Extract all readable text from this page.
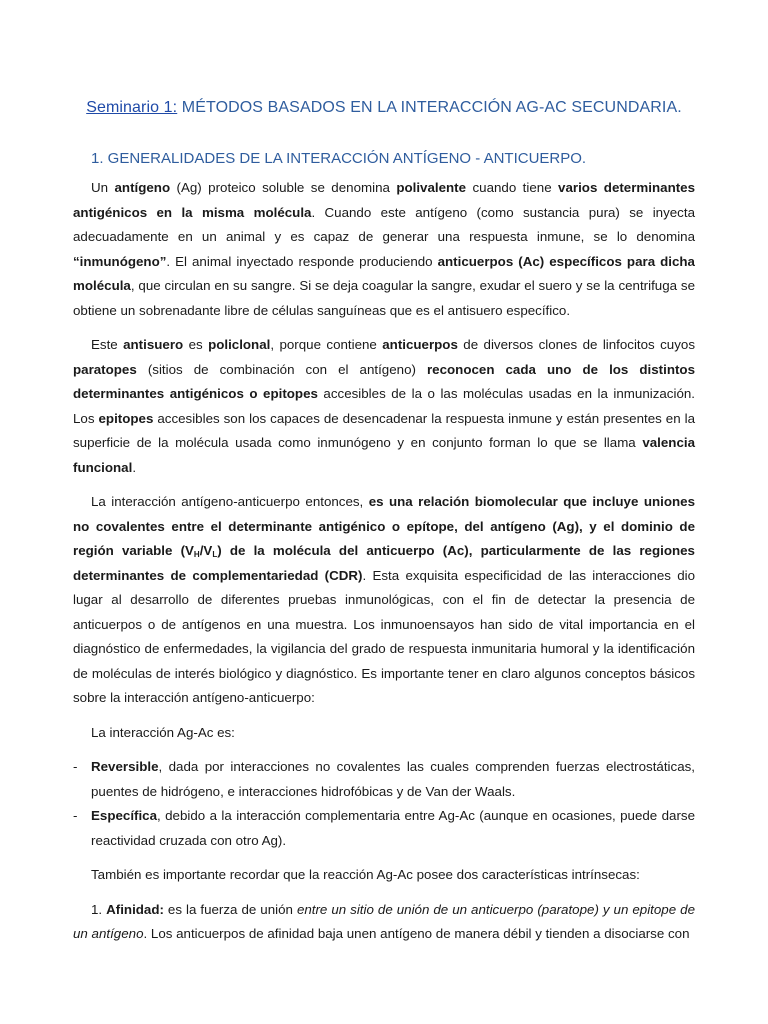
Seminario 1: MÉTODOS BASADOS EN LA INTERACCIÓN AG-AC SECUNDARIA.
1. GENERALIDADES DE LA INTERACCIÓN ANTÍGENO - ANTICUERPO.

Un antígeno (Ag) proteico soluble se denomina polivalente cuando tiene varios determinantes antigénicos en la misma molécula. Cuando este antígeno (como sustancia pura) se inyecta adecuadamente en un animal y es capaz de generar una respuesta inmune, se lo denomina “inmunógeno”. El animal inyectado responde produciendo anticuerpos (Ac) específicos para dicha molécula, que circulan en su sangre. Si se deja coagular la sangre, exudar el suero y se la centrifuga se obtiene un sobrenadante libre de células sanguíneas que es el antisuero específico.

Este antisuero es policlonal, porque contiene anticuerpos de diversos clones de linfocitos cuyos paratopes (sitios de combinación con el antígeno) reconocen cada uno de los distintos determinantes antigénicos o epitopes accesibles de la o las moléculas usadas en la inmunización. Los epitopes accesibles son los capaces de desencadenar la respuesta inmune y están presentes en la superficie de la molécula usada como inmunógeno y en conjunto forman lo que se llama valencia funcional.

La interacción antígeno-anticuerpo entonces, es una relación biomolecular que incluye uniones no covalentes entre el determinante antigénico o epítope, del antígeno (Ag), y el dominio de región variable $(V_H/V_L)$ de la molécula del anticuerpo (Ac), particularmente de las regiones determinantes de complementariedad (CDR). Esta exquisita especificidad de las interacciones dio lugar al desarrollo de diferentes pruebas inmunológicas, con el fin de detectar la presencia de anticuerpos o de antígenos en una muestra. Los inmunoensayos han sido de vital importancia en el diagnóstico de enfermedades, la vigilancia del grado de respuesta inmunitaria humoral y la identificación de moléculas de interés biológico y diagnóstico. Es importante tener en claro algunos conceptos básicos sobre la interacción antígeno-anticuerpo:

La interacción Ag-Ac es:

- Reversible, dada por interacciones no covalentes las cuales comprenden fuerzas electrostáticas, puentes de hidrógeno, e interacciones hidrofóbicas y de Van der Waals.
- Específica, debido a la interacción complementaria entre Ag-Ac (aunque en ocasiones, puede darse reactividad cruzada con otro Ag).

También es importante recordar que la reacción Ag-Ac posee dos características intrínsecas:

1. Afinidad: es la fuerza de unión entre un sitio de unión de un anticuerpo (paratope) y un epitope de un antígeno. Los anticuerpos de afinidad baja unen antígeno de manera débil y tienden a disociarse con
